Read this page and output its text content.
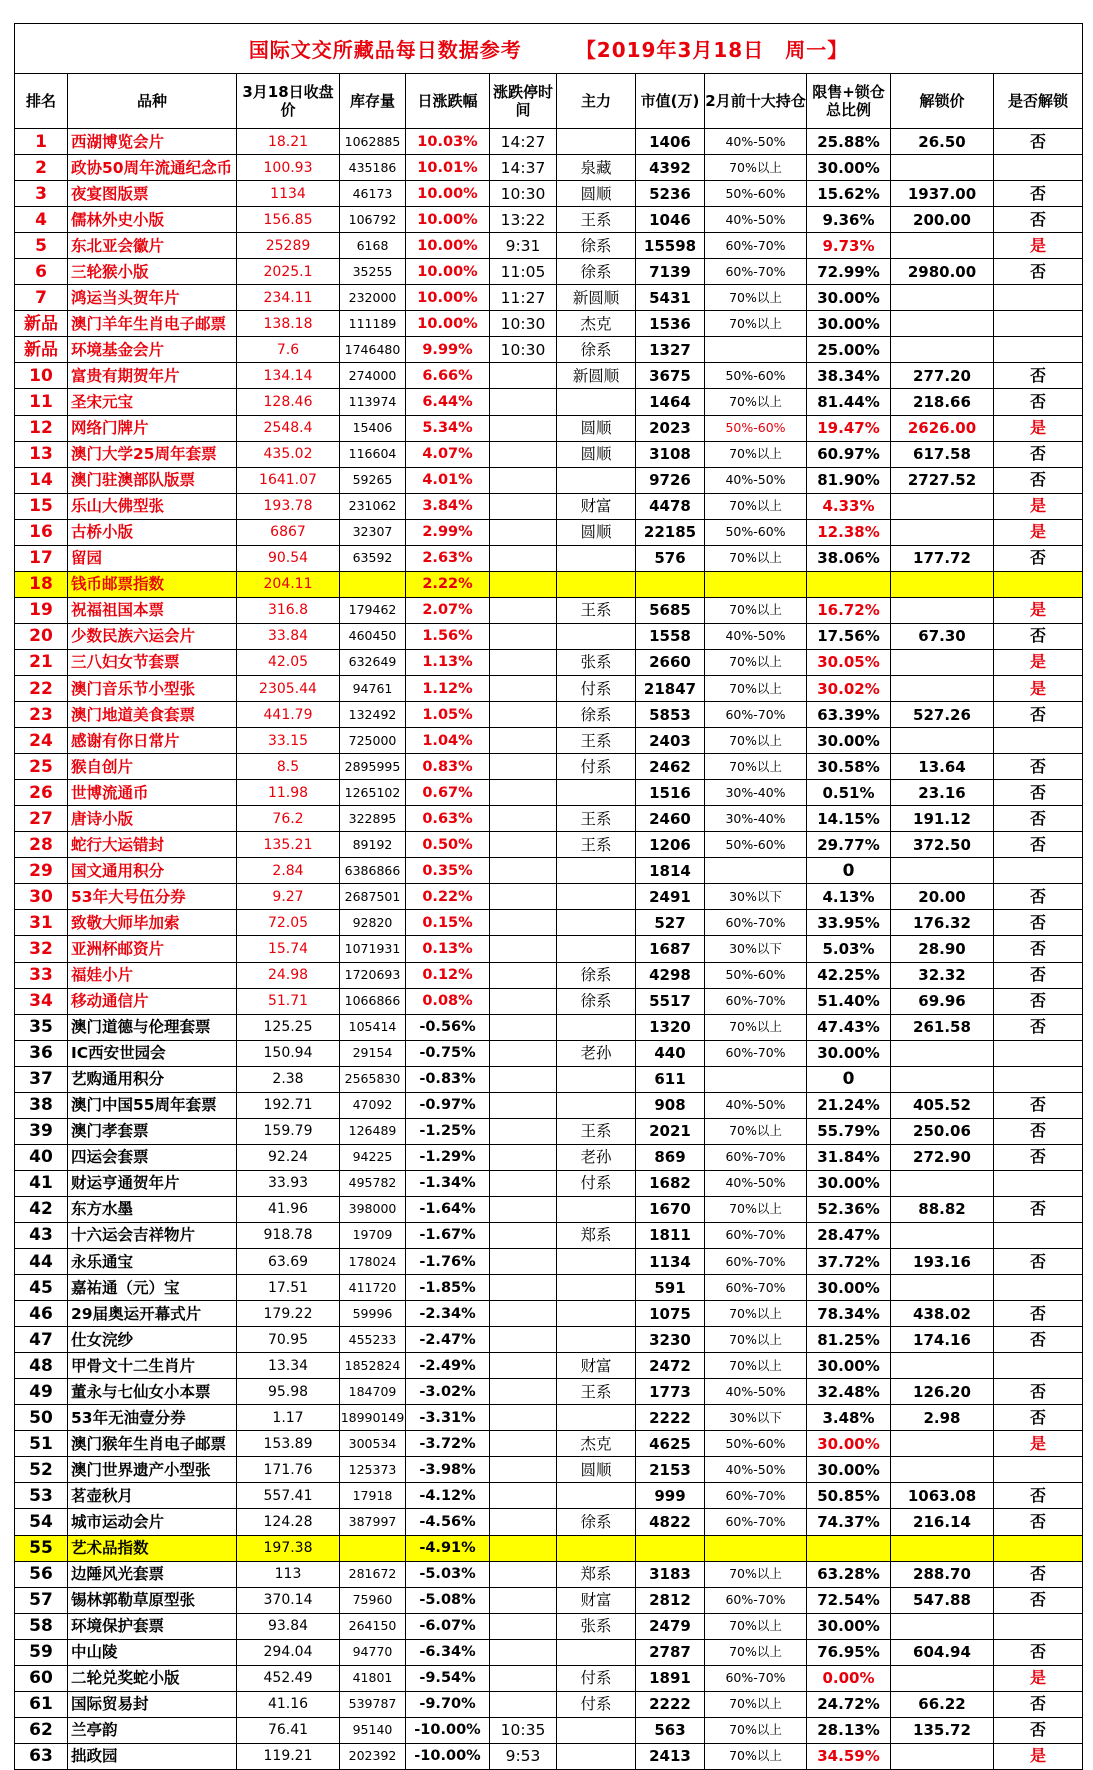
国际文交所藏品每日数据参考 【2019年3月18日　周一】											
排名	品种	3月18日收盘价	库存量	日涨跌幅	涨跌停时间	主力	市值(万)	2月前十大持仓	限售+锁仓总比例	解锁价	是否解锁
1	西湖博览会片	18.21	1062885	10.03%	14:27		1406	40%-50%	25.88%	26.50	否
2	政协50周年流通纪念币	100.93	435186	10.01%	14:37	泉藏	4392	70%以上	30.00%		
3	夜宴图版票	1134	46173	10.00%	10:30	圆顺	5236	50%-60%	15.62%	1937.00	否
4	儒林外史小版	156.85	106792	10.00%	13:22	王系	1046	40%-50%	9.36%	200.00	否
5	东北亚会徽片	25289	6168	10.00%	9:31	徐系	15598	60%-70%	9.73%		是
6	三轮猴小版	2025.1	35255	10.00%	11:05	徐系	7139	60%-70%	72.99%	2980.00	否
7	鸿运当头贺年片	234.11	232000	10.00%	11:27	新圆顺	5431	70%以上	30.00%		
新品	澳门羊年生肖电子邮票	138.18	111189	10.00%	10:30	杰克	1536	70%以上	30.00%		
新品	环境基金会片	7.6	1746480	9.99%	10:30	徐系	1327		25.00%		
10	富贵有期贺年片	134.14	274000	6.66%		新圆顺	3675	50%-60%	38.34%	277.20	否
11	圣宋元宝	128.46	113974	6.44%			1464	70%以上	81.44%	218.66	否
12	网络门牌片	2548.4	15406	5.34%		圆顺	2023	50%-60%	19.47%	2626.00	是
13	澳门大学25周年套票	435.02	116604	4.07%		圆顺	3108	70%以上	60.97%	617.58	否
14	澳门驻澳部队版票	1641.07	59265	4.01%			9726	40%-50%	81.90%	2727.52	否
15	乐山大佛型张	193.78	231062	3.84%		财富	4478	70%以上	4.33%		是
16	古桥小版	6867	32307	2.99%		圆顺	22185	50%-60%	12.38%		是
17	留园	90.54	63592	2.63%			576	70%以上	38.06%	177.72	否
18	钱币邮票指数	204.11		2.22%							
19	祝福祖国本票	316.8	179462	2.07%		王系	5685	70%以上	16.72%		是
20	少数民族六运会片	33.84	460450	1.56%			1558	40%-50%	17.56%	67.30	否
21	三八妇女节套票	42.05	632649	1.13%		张系	2660	70%以上	30.05%		是
22	澳门音乐节小型张	2305.44	94761	1.12%		付系	21847	70%以上	30.02%		是
23	澳门地道美食套票	441.79	132492	1.05%		徐系	5853	60%-70%	63.39%	527.26	否
24	感谢有你日常片	33.15	725000	1.04%		王系	2403	70%以上	30.00%		
25	猴自创片	8.5	2895995	0.83%		付系	2462	70%以上	30.58%	13.64	否
26	世博流通币	11.98	1265102	0.67%			1516	30%-40%	0.51%	23.16	否
27	唐诗小版	76.2	322895	0.63%		王系	2460	30%-40%	14.15%	191.12	否
28	蛇行大运错封	135.21	89192	0.50%		王系	1206	50%-60%	29.77%	372.50	否
29	国文通用积分	2.84	6386866	0.35%			1814		0		
30	53年大号伍分券	9.27	2687501	0.22%			2491	30%以下	4.13%	20.00	否
31	致敬大师毕加索	72.05	92820	0.15%			527	60%-70%	33.95%	176.32	否
32	亚洲杯邮资片	15.74	1071931	0.13%			1687	30%以下	5.03%	28.90	否
33	福娃小片	24.98	1720693	0.12%		徐系	4298	50%-60%	42.25%	32.32	否
34	移动通信片	51.71	1066866	0.08%		徐系	5517	60%-70%	51.40%	69.96	否
35	澳门道德与伦理套票	125.25	105414	-0.56%			1320	70%以上	47.43%	261.58	否
36	IC西安世园会	150.94	29154	-0.75%		老孙	440	60%-70%	30.00%		
37	艺购通用积分	2.38	2565830	-0.83%			611		0		
38	澳门中国55周年套票	192.71	47092	-0.97%			908	40%-50%	21.24%	405.52	否
39	澳门孝套票	159.79	126489	-1.25%		王系	2021	70%以上	55.79%	250.06	否
40	四运会套票	92.24	94225	-1.29%		老孙	869	60%-70%	31.84%	272.90	否
41	财运亨通贺年片	33.93	495782	-1.34%		付系	1682	40%-50%	30.00%		
42	东方水墨	41.96	398000	-1.64%			1670	70%以上	52.36%	88.82	否
43	十六运会吉祥物片	918.78	19709	-1.67%		郑系	1811	60%-70%	28.47%		
44	永乐通宝	63.69	178024	-1.76%			1134	60%-70%	37.72%	193.16	否
45	嘉祐通（元）宝	17.51	411720	-1.85%			591	60%-70%	30.00%		
46	29届奥运开幕式片	179.22	59996	-2.34%			1075	70%以上	78.34%	438.02	否
47	仕女浣纱	70.95	455233	-2.47%			3230	70%以上	81.25%	174.16	否
48	甲骨文十二生肖片	13.34	1852824	-2.49%		财富	2472	70%以上	30.00%		
49	董永与七仙女小本票	95.98	184709	-3.02%		王系	1773	40%-50%	32.48%	126.20	否
50	53年无油壹分券	1.17	18990149	-3.31%			2222	30%以下	3.48%	2.98	否
51	澳门猴年生肖电子邮票	153.89	300534	-3.72%		杰克	4625	50%-60%	30.00%		是
52	澳门世界遗产小型张	171.76	125373	-3.98%		圆顺	2153	40%-50%	30.00%		
53	茗壶秋月	557.41	17918	-4.12%			999	60%-70%	50.85%	1063.08	否
54	城市运动会片	124.28	387997	-4.56%		徐系	4822	60%-70%	74.37%	216.14	否
55	艺术品指数	197.38		-4.91%							
56	边陲风光套票	113	281672	-5.03%		郑系	3183	70%以上	63.28%	288.70	否
57	锡林郭勒草原型张	370.14	75960	-5.08%		财富	2812	60%-70%	72.54%	547.88	否
58	环境保护套票	93.84	264150	-6.07%		张系	2479	70%以上	30.00%		
59	中山陵	294.04	94770	-6.34%			2787	70%以上	76.95%	604.94	否
60	二轮兑奖蛇小版	452.49	41801	-9.54%		付系	1891	60%-70%	0.00%		是
61	国际贸易封	41.16	539787	-9.70%		付系	2222	70%以上	24.72%	66.22	否
62	兰亭韵	76.41	95140	-10.00%	10:35		563	70%以上	28.13%	135.72	否
63	拙政园	119.21	202392	-10.00%	9:53		2413	70%以上	34.59%		是
